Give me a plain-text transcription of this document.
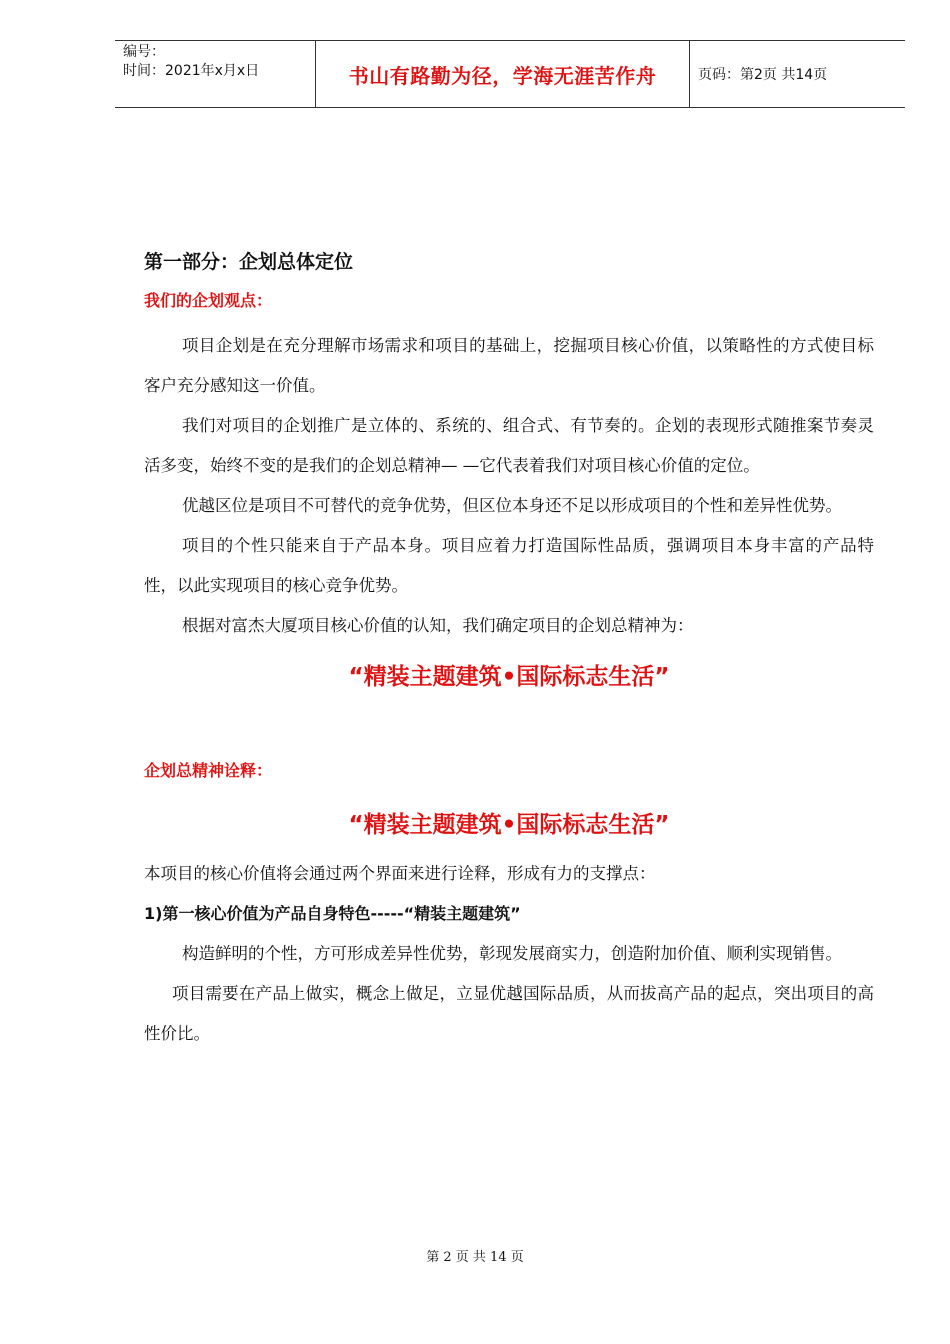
编号：
时间：2021年x月x日	书山有路勤为径，学海无涯苦作舟	页码：第2页 共14页
第一部分：企划总体定位
我们的企划观点：

项目企划是在充分理解市场需求和项目的基础上，挖掘项目核心价值，以策略性的方式使目标客户充分感知这一价值。

我们对项目的企划推广是立体的、系统的、组合式、有节奏的。企划的表现形式随推案节奏灵活多变，始终不变的是我们的企划总精神— —它代表着我们对项目核心价值的定位。

优越区位是项目不可替代的竞争优势，但区位本身还不足以形成项目的个性和差异性优势。

项目的个性只能来自于产品本身。项目应着力打造国际性品质，强调项目本身丰富的产品特性，以此实现项目的核心竞争优势。

根据对富杰大厦项目核心价值的认知，我们确定项目的企划总精神为：

“精装主题建筑•国际标志生活”

企划总精神诠释：

“精装主题建筑•国际标志生活”

本项目的核心价值将会通过两个界面来进行诠释，形成有力的支撑点：

1)第一核心价值为产品自身特色-----“精装主题建筑”

构造鲜明的个性，方可形成差异性优势，彰现发展商实力，创造附加价值、顺利实现销售。

项目需要在产品上做实，概念上做足，立显优越国际品质，从而拔高产品的起点，突出项目的高性价比。

第 2 页 共 14 页
